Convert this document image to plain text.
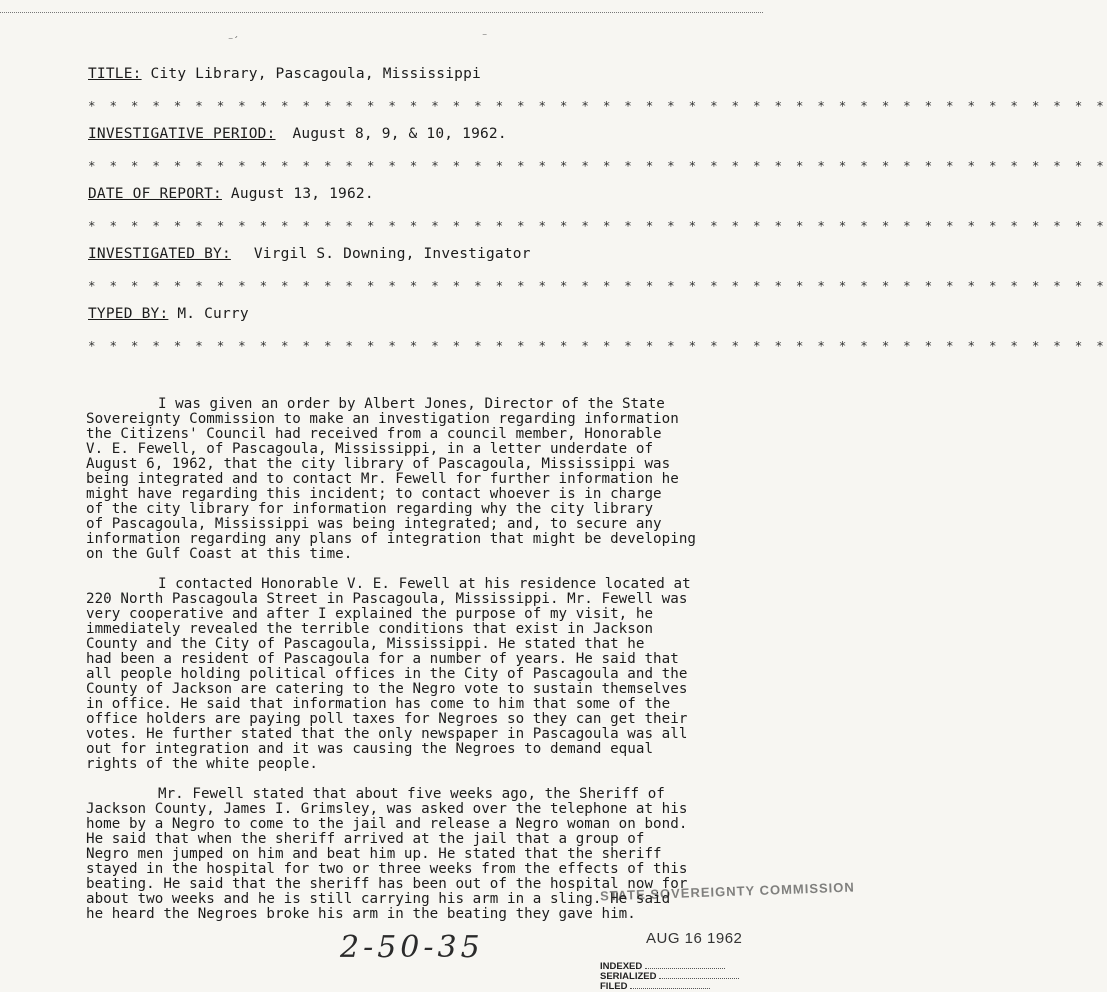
⁻ˊ	⁻
TITLE: City Library, Pascagoula, Mississippi
* * * * * * * * * * * * * * * * * * * * * * * * * * * * * * * * * * * * * * * * * * * * * * * *
INVESTIGATIVE PERIOD: August 8, 9, & 10, 1962.
* * * * * * * * * * * * * * * * * * * * * * * * * * * * * * * * * * * * * * * * * * * * * * * *
DATE OF REPORT: August 13, 1962.
* * * * * * * * * * * * * * * * * * * * * * * * * * * * * * * * * * * * * * * * * * * * * * * *
INVESTIGATED BY: Virgil S. Downing, Investigator
* * * * * * * * * * * * * * * * * * * * * * * * * * * * * * * * * * * * * * * * * * * * * * * *
TYPED BY: M. Curry
* * * * * * * * * * * * * * * * * * * * * * * * * * * * * * * * * * * * * * * * * * * * * * * *

I was given an order by Albert Jones, Director of the State
Sovereignty Commission to make an investigation regarding information
the Citizens' Council had received from a council member, Honorable
V. E. Fewell, of Pascagoula, Mississippi, in a letter underdate of
August 6, 1962, that the city library of Pascagoula, Mississippi was
being integrated and to contact Mr. Fewell for further information he
might have regarding this incident; to contact whoever is in charge
of the city library for information regarding why the city library
of Pascagoula, Mississippi was being integrated; and, to secure any
information regarding any plans of integration that might be developing
on the Gulf Coast at this time.

I contacted Honorable V. E. Fewell at his residence located at
220 North Pascagoula Street in Pascagoula, Mississippi. Mr. Fewell was
very cooperative and after I explained the purpose of my visit, he
immediately revealed the terrible conditions that exist in Jackson
County and the City of Pascagoula, Mississippi. He stated that he
had been a resident of Pascagoula for a number of years. He said that
all people holding political offices in the City of Pascagoula and the
County of Jackson are catering to the Negro vote to sustain themselves
in office. He said that information has come to him that some of the
office holders are paying poll taxes for Negroes so they can get their
votes. He further stated that the only newspaper in Pascagoula was all
out for integration and it was causing the Negroes to demand equal
rights of the white people.

Mr. Fewell stated that about five weeks ago, the Sheriff of
Jackson County, James I. Grimsley, was asked over the telephone at his
home by a Negro to come to the jail and release a Negro woman on bond.
He said that when the sheriff arrived at the jail that a group of
Negro men jumped on him and beat him up. He stated that the sheriff
stayed in the hospital for two or three weeks from the effects of this
beating. He said that the sheriff has been out of the hospital now for
about two weeks and he is still carrying his arm in a sling. He said
he heard the Negroes broke his arm in the beating they gave him.

STATE SOVEREIGNTY COMMISSION
2-50-35	AUG 16 1962
INDEXED
SERIALIZED
FILED
